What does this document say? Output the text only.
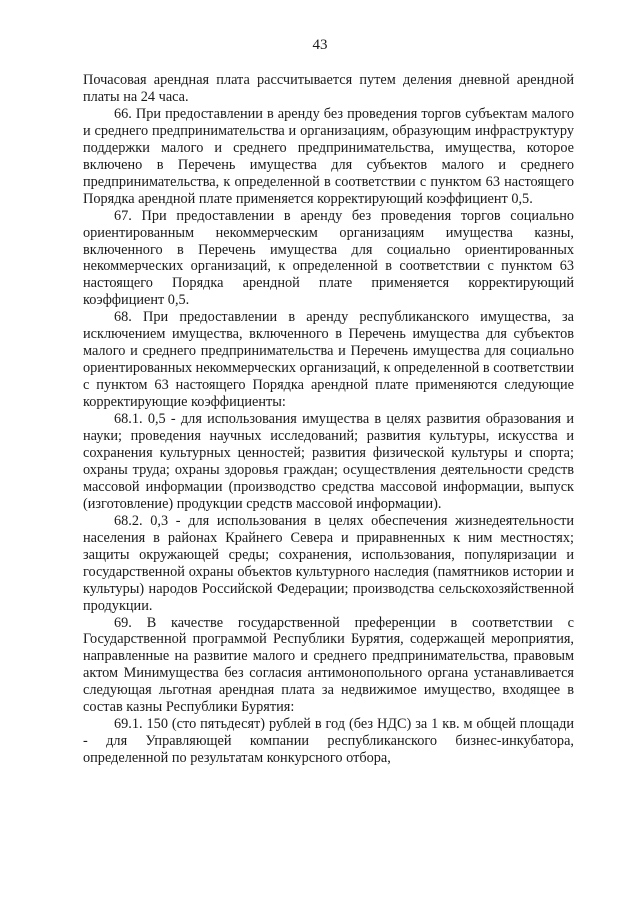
43

Почасовая арендная плата рассчитывается путем деления дневной арендной платы на 24 часа.

66. При предоставлении в аренду без проведения торгов субъектам малого и среднего предпринимательства и организациям, образующим инфраструктуру поддержки малого и среднего предпринимательства, имущества, которое включено в Перечень имущества для субъектов малого и среднего предпринимательства, к определенной в соответствии с пунктом 63 настоящего Порядка арендной плате применяется корректирующий коэффициент 0,5.

67. При предоставлении в аренду без проведения торгов социально ориентированным некоммерческим организациям имущества казны, включенного в Перечень имущества для социально ориентированных некоммерческих организаций, к определенной в соответствии с пунктом 63 настоящего Порядка арендной плате применяется корректирующий коэффициент 0,5.

68. При предоставлении в аренду республиканского имущества, за исключением имущества, включенного в Перечень имущества для субъектов малого и среднего предпринимательства и Перечень имущества для социально ориентированных некоммерческих организаций, к определенной в соответствии с пунктом 63 настоящего Порядка арендной плате применяются следующие корректирующие коэффициенты:

68.1. 0,5 - для использования имущества в целях развития образования и науки; проведения научных исследований; развития культуры, искусства и сохранения культурных ценностей; развития физической культуры и спорта; охраны труда; охраны здоровья граждан; осуществления деятельности средств массовой информации (производство средства массовой информации, выпуск (изготовление) продукции средств массовой информации).

68.2. 0,3 - для использования в целях обеспечения жизнедеятельности населения в районах Крайнего Севера и приравненных к ним местностях; защиты окружающей среды; сохранения, использования, популяризации и государственной охраны объектов культурного наследия (памятников истории и культуры) народов Российской Федерации; производства сельскохозяйственной продукции.

69. В качестве государственной преференции в соответствии с Государственной программой Республики Бурятия, содержащей мероприятия, направленные на развитие малого и среднего предпринимательства, правовым актом Минимущества без согласия антимонопольного органа устанавливается следующая льготная арендная плата за недвижимое имущество, входящее в состав казны Республики Бурятия:

69.1. 150 (сто пятьдесят) рублей в год (без НДС) за 1 кв. м общей площади - для Управляющей компании республиканского бизнес-инкубатора, определенной по результатам конкурсного отбора,
